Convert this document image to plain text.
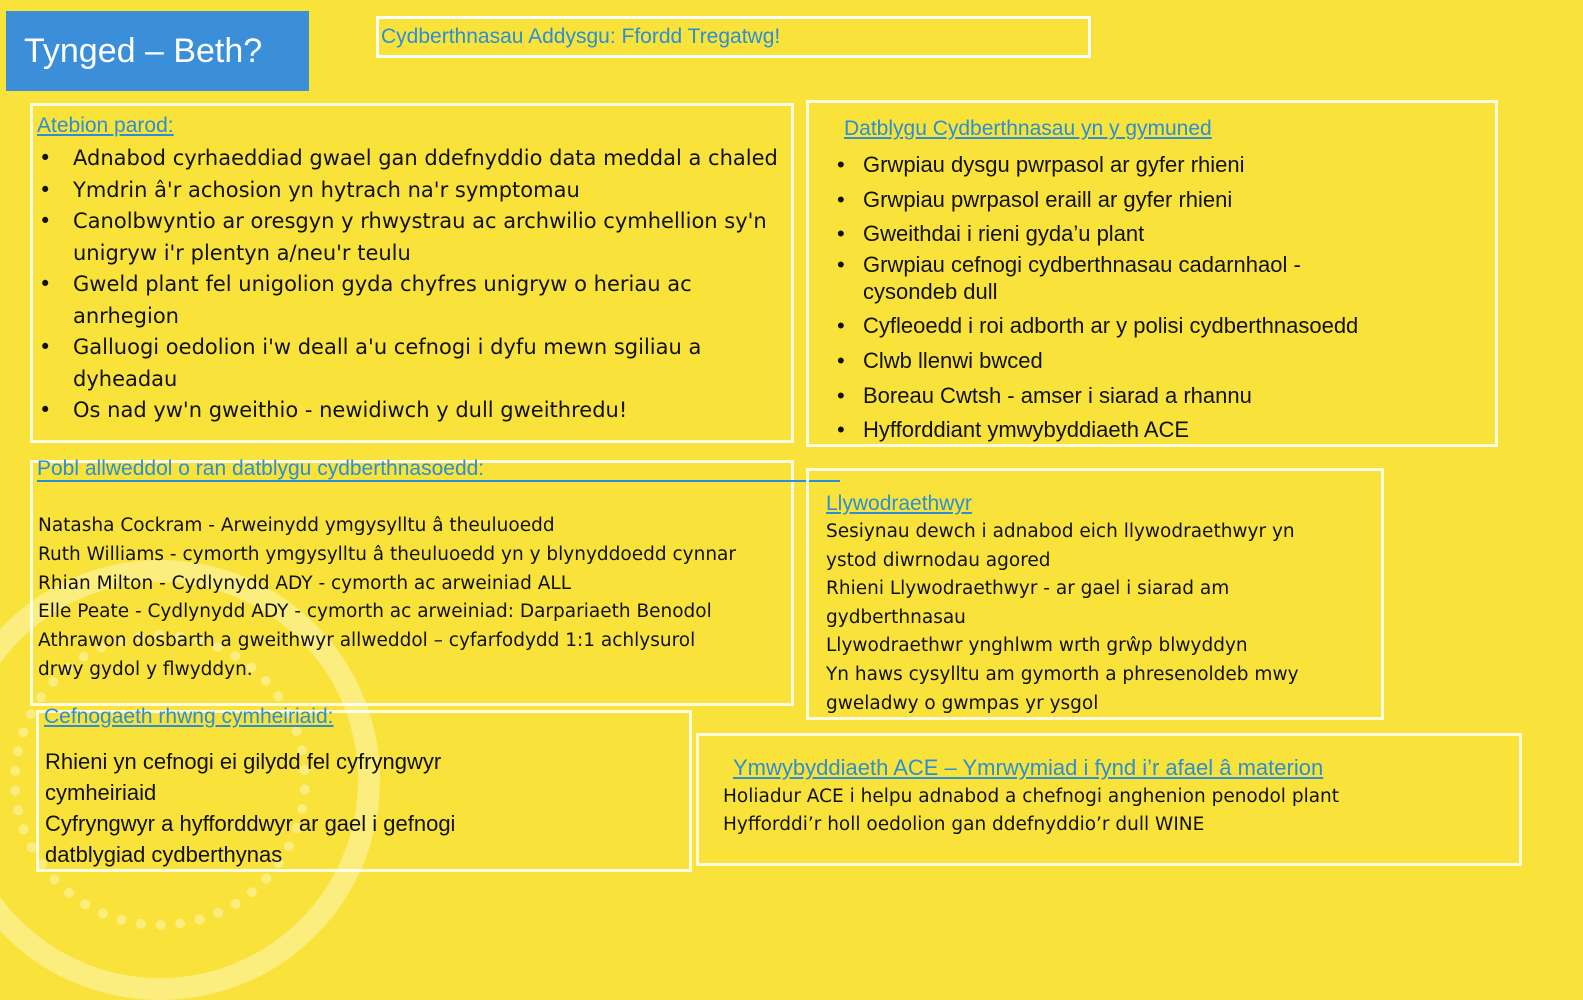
Tynged – Beth?	Cydberthnasau Addysgu: Ffordd Tregatwg!
Atebion parod:
• Adnabod cyrhaeddiad gwael gan ddefnyddio data meddal a chaled
• Ymdrin â'r achosion yn hytrach na'r symptomau
• Canolbwyntio ar oresgyn y rhwystrau ac archwilio cymhellion sy'n unigryw i'r plentyn a/neu'r teulu
• Gweld plant fel unigolion gyda chyfres unigryw o heriau ac anrhegion
• Galluogi oedolion i'w deall a'u cefnogi i dyfu mewn sgiliau a dyheadau
• Os nad yw'n gweithio - newidiwch y dull gweithredu!
Datblygu Cydberthnasau yn y gymuned
• Grwpiau dysgu pwrpasol ar gyfer rhieni
• Grwpiau pwrpasol eraill ar gyfer rhieni
• Gweithdai i rieni gyda’u plant
• Grwpiau cefnogi cydberthnasau cadarnhaol - cysondeb dull
• Cyfleoedd i roi adborth ar y polisi cydberthnasoedd
• Clwb llenwi bwced
• Boreau Cwtsh - amser i siarad a rhannu
• Hyfforddiant ymwybyddiaeth ACE
Pobl allweddol o ran datblygu cydberthnasoedd:
Natasha Cockram - Arweinydd ymgysylltu â theuluoedd
Ruth Williams - cymorth ymgysylltu â theuluoedd yn y blynyddoedd cynnar
Rhian Milton - Cydlynydd ADY - cymorth ac arweiniad ALL
Elle Peate - Cydlynydd ADY - cymorth ac arweiniad: Darpariaeth Benodol
Athrawon dosbarth a gweithwyr allweddol – cyfarfodydd 1:1 achlysurol
drwy gydol y flwyddyn.
Llywodraethwyr
Sesiynau dewch i adnabod eich llywodraethwyr yn
ystod diwrnodau agored
Rhieni Llywodraethwyr - ar gael i siarad am
gydberthnasau
Llywodraethwr ynghlwm wrth grŵp blwyddyn
Yn haws cysylltu am gymorth a phresenoldeb mwy
gweladwy o gwmpas yr ysgol
Cefnogaeth rhwng cymheiriaid:
Rhieni yn cefnogi ei gilydd fel cyfryngwyr
cymheiriaid
Cyfryngwyr a hyfforddwyr ar gael i gefnogi
datblygiad cydberthynas
Ymwybyddiaeth ACE – Ymrwymiad i fynd i’r afael â materion
Holiadur ACE i helpu adnabod a chefnogi anghenion penodol plant
Hyfforddi’r holl oedolion gan ddefnyddio’r dull WINE
